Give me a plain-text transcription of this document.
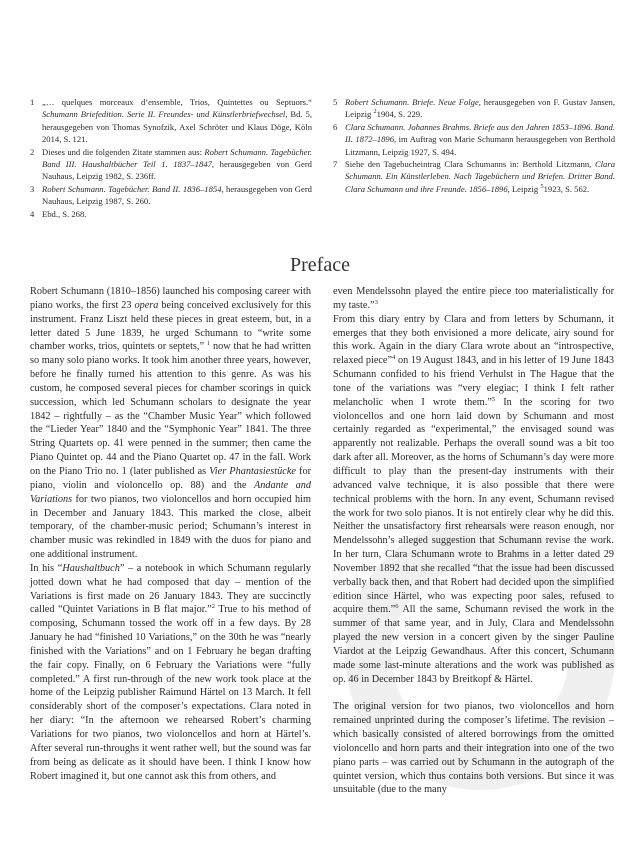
1 „… quelques morceaux d’ensemble, Trios, Quintettes ou Septuors.“ Schumann Briefedition. Serie II. Freundes- und Künstlerbriefwechsel, Bd. 5, herausgegeben von Thomas Synofzik, Axel Schröter und Klaus Döge, Köln 2014, S. 121.
2 Dieses und die folgenden Zitate stammen aus: Robert Schumann. Tagebücher. Band III. Haushaltbücher Teil 1. 1837–1847, herausgegeben von Gerd Nauhaus, Leipzig 1982, S. 236ff.
3 Robert Schumann. Tagebücher. Band II. 1836–1854, herausgegeben von Gerd Nauhaus, Leipzig 1987, S. 260.
4 Ebd., S. 268.
5 Robert Schumann. Briefe. Neue Folge, herausgegeben von F. Gustav Jansen, Leipzig $^2$1904, S. 229.
6 Clara Schumann. Johannes Brahms. Briefe aus den Jahren 1853–1896. Band. II. 1872–1896, im Auftrag von Marie Schumann herausgegeben von Berthold Litzmann, Leipzig 1927, S. 494.
7 Siehe den Tagebucheintrag Clara Schumanns in: Berthold Litzmann, Clara Schumann. Ein Künstlerleben. Nach Tagebüchern und Briefen. Dritter Band. Clara Schumann und ihre Freunde. 1856–1896, Leipzig $^5$1923, S. 562.
Preface

Robert Schumann (1810–1856) launched his composing career with piano works, the first 23 opera being conceived exclusively for this instrument. Franz Liszt held these pieces in great esteem, but, in a letter dated 5 June 1839, he urged Schumann to “write some chamber works, trios, quintets or septets,” $^1$ now that he had written so many solo piano works. It took him another three years, however, before he finally turned his attention to this genre. As was his custom, he composed several pieces for chamber scorings in quick succession, which led Schumann scholars to designate the year 1842 – rightfully – as the “Chamber Music Year” which followed the “Lieder Year” 1840 and the “Symphonic Year” 1841. The three String Quartets op. 41 were penned in the summer; then came the Piano Quintet op. 44 and the Piano Quartet op. 47 in the fall. Work on the Piano Trio no. 1 (later published as Vier Phantasiestücke for piano, violin and violoncello op. 88) and the Andante and Variations for two pianos, two violoncellos and horn occupied him in December and January 1843. This marked the close, albeit temporary, of the chamber-music period; Schumann’s interest in chamber music was rekindled in 1849 with the duos for piano and one additional instrument.

In his “Haushaltbuch” – a notebook in which Schumann regularly jotted down what he had composed that day – mention of the Variations is first made on 26 January 1843. They are succinctly called “Quintet Variations in B flat major.”$^2$ True to his method of composing, Schumann tossed the work off in a few days. By 28 January he had “finished 10 Variations,” on the 30th he was “nearly finished with the Variations” and on 1 February he began drafting the fair copy. Finally, on 6 February the Variations were “fully completed.” A first run-through of the new work took place at the home of the Leipzig publisher Raimund Härtel on 13 March. It fell considerably short of the composer’s expectations. Clara noted in her diary: “In the afternoon we rehearsed Robert’s charming Variations for two pianos, two violoncellos and horn at Härtel’s. After several run-throughs it went rather well, but the sound was far from being as delicate as it should have been. I think I know how Robert imagined it, but one cannot ask this from others, and

even Mendelssohn played the entire piece too materialistically for my taste.”$^3$

From this diary entry by Clara and from letters by Schumann, it emerges that they both envisioned a more delicate, airy sound for this work. Again in the diary Clara wrote about an “introspective, relaxed piece”$^4$ on 19 August 1843, and in his letter of 19 June 1843 Schumann confided to his friend Verhulst in The Hague that the tone of the variations was “very elegiac; I think I felt rather melancholic when I wrote them.”$^5$ In the scoring for two violoncellos and one horn laid down by Schumann and most certainly regarded as “experimental,” the envisaged sound was apparently not realizable. Perhaps the overall sound was a bit too dark after all. Moreover, as the horns of Schumann’s day were more difficult to play than the present-day instruments with their advanced valve technique, it is also possible that there were technical problems with the horn. In any event, Schumann revised the work for two solo pianos. It is not entirely clear why he did this. Neither the unsatisfactory first rehearsals were reason enough, nor Mendelssohn’s alleged suggestion that Schumann revise the work. In her turn, Clara Schumann wrote to Brahms in a letter dated 29 November 1892 that she recalled “that the issue had been discussed verbally back then, and that Robert had decided upon the simplified edition since Härtel, who was expecting poor sales, refused to acquire them.”$^6$ All the same, Schumann revised the work in the summer of that same year, and in July, Clara and Mendelssohn played the new version in a concert given by the singer Pauline Viardot at the Leipzig Gewandhaus. After this concert, Schumann made some last-minute alterations and the work was published as op. 46 in December 1843 by Breitkopf & Härtel.

The original version for two pianos, two violoncellos and horn remained unprinted during the composer’s lifetime. The revision – which basically consisted of altered borrowings from the omitted violoncello and horn parts and their integration into one of the two piano parts – was carried out by Schumann in the autograph of the quintet version, which thus contains both versions. But since it was unsuitable (due to the many
